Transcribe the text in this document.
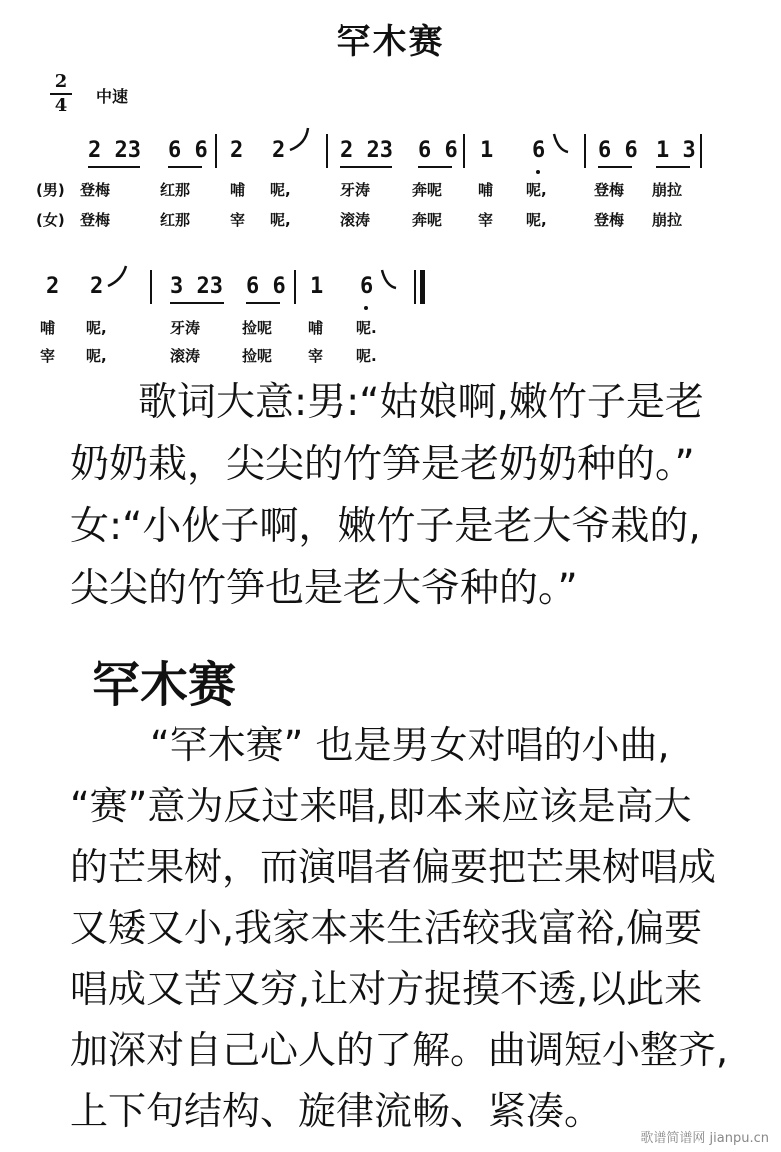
罕木赛
2
4 中速
2 23 6 6 2 2 2 23 6 6 1 6 6 6 1 3
(男) 登梅	红那	哺 呢,	牙涛	奔呢 哺 呢,	登梅 崩拉
(女) 登梅	红那	宰 呢,	滚涛	奔呢 宰 呢,	登梅 崩拉
2 2	3 23 6 6 1 6
哺 呢,	牙涛	捡呢 哺 呢.
宰 呢,	滚涛	捡呢 宰 呢.
歌词大意:男:“姑娘啊,嫩竹子是老
奶奶栽，尖尖的竹笋是老奶奶种的。”
女:“小伙子啊，嫩竹子是老大爷栽的,
尖尖的竹笋也是老大爷种的。”
罕木赛
“罕木赛” 也是男女对唱的小曲,
“赛”意为反过来唱,即本来应该是高大
的芒果树，而演唱者偏要把芒果树唱成
又矮又小,我家本来生活较我富裕,偏要
唱成又苦又穷,让对方捉摸不透,以此来
加深对自己心人的了解。曲调短小整齐,
上下句结构、旋律流畅、紧凑。
歌谱简谱网 jianpu.cn
